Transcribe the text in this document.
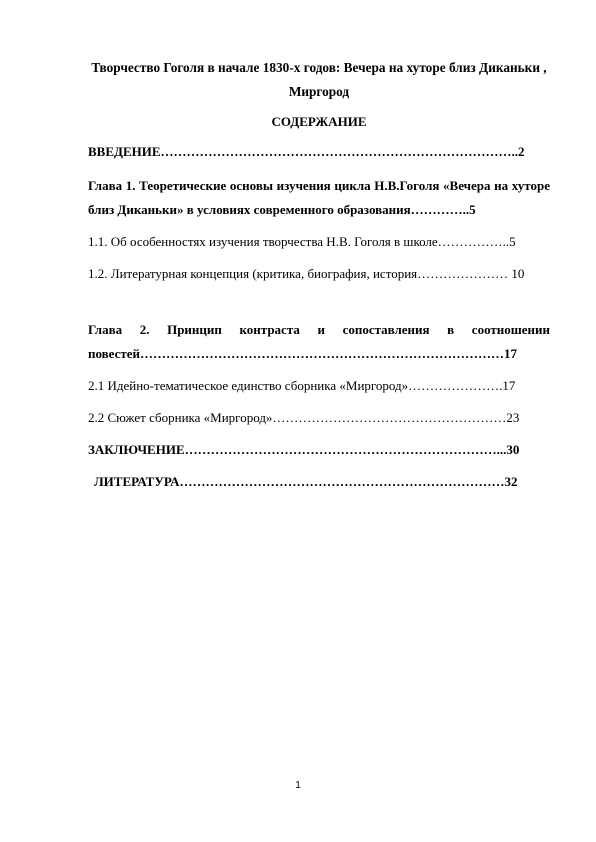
Творчество Гоголя в начале 1830-х годов: Вечера на хуторе близ Диканьки , Миргород
СОДЕРЖАНИЕ
ВВЕДЕНИЕ………………………………………………………………………..2
Глава 1. Теоретические основы изучения цикла Н.В.Гоголя «Вечера на хуторе близ Диканьки» в условиях современного образования…………..5
1.1. Об особенностях изучения творчества Н.В. Гоголя в школе……………..5
1.2. Литературная концепция (критика, биография, история………………… 10
Глава 2. Принцип контраста и сопоставления в соотношении повестей…………………………………………………………………………17
2.1 Идейно-тематическое единство сборника «Миргород»………………….17
2.2 Сюжет сборника «Миргород»………………………………………………23
ЗАКЛЮЧЕНИЕ………………………………………………………………...30
ЛИТЕРАТУРА…………………………………………………………………32
1
